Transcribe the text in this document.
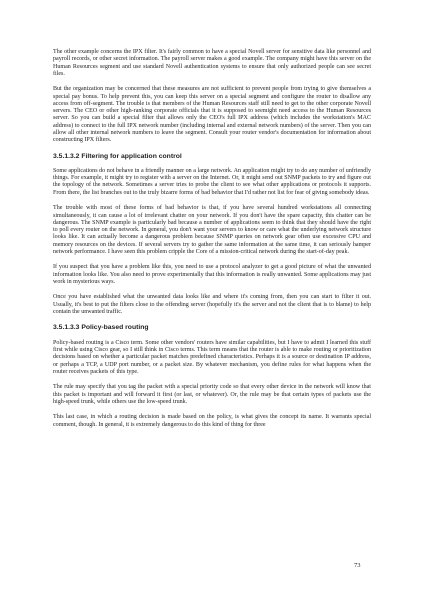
The other example concerns the IPX filter. It's fairly common to have a special Novell server for sensitive data like personnel and payroll records, or other secret information. The payroll server makes a good example. The company might have this server on the Human Resources segment and use standard Novell authentication systems to ensure that only authorized people can see secret files.

But the organization may be concerned that these measures are not sufficient to prevent people from trying to give themselves a special pay bonus. To help prevent this, you can keep this server on a special segment and configure the router to disallow any access from off-segment. The trouble is that members of the Human Resources staff still need to get to the other corporate Novell servers. The CEO or other high-ranking corporate officials that it is supposed to seemight need access to the Human Resources server. So you can build a special filter that allows only the CEO's full IPX address (which includes the workstation's MAC address) to connect to the full IPX network number (including internal and external network numbers) of the server. Then you can allow all other internal network numbers to leave the segment. Consult your router vendor's documentation for information about constructing IPX filters.

3.5.1.3.2 Filtering for application control

Some applications do not behave in a friendly manner on a large network. An application might try to do any number of unfriendly things. For example, it might try to register with a server on the Internet. Or, it might send out SNMP packets to try and figure out the topology of the network. Sometimes a server tries to probe the client to see what other applications or protocols it supports. From there, the list branches out to the truly bizarre forms of bad behavior that I'd rather not list for fear of giving somebody ideas.

The trouble with most of these forms of bad behavior is that, if you have several hundred workstations all connecting simultaneously, it can cause a lot of irrelevant chatter on your network. If you don't have the spare capacity, this chatter can be dangerous. The SNMP example is particularly bad because a number of applications seem to think that they should have the right to poll every router on the network. In general, you don't want your servers to know or care what the underlying network structure looks like. It can actually become a dangerous problem because SNMP queries on network gear often use excessive CPU and memory resources on the devices. If several servers try to gather the same information at the same time, it can seriously hamper network performance. I have seen this problem cripple the Core of a mission-critical network during the start-of-day peak.

If you suspect that you have a problem like this, you need to use a protocol analyzer to get a good picture of what the unwanted information looks like. You also need to prove experimentally that this information is really unwanted. Some applications may just work in mysterious ways.

Once you have established what the unwanted data looks like and where it's coming from, then you can start to filter it out. Usually, it's best to put the filters close to the offending server (hopefully it's the server and not the client that is to blame) to help contain the unwanted traffic.

3.5.1.3.3 Policy-based routing

Policy-based routing is a Cisco term. Some other vendors' routers have similar capabilities, but I have to admit I learned this stuff first while using Cisco gear, so I still think in Cisco terms. This term means that the router is able to make routing or prioritization decisions based on whether a particular packet matches predefined characteristics. Perhaps it is a source or destination IP address, or perhaps a TCP, a UDP port number, or a packet size. By whatever mechanism, you define rules for what happens when the router receives packets of this type.

The rule may specify that you tag the packet with a special priority code so that every other device in the network will know that this packet is important and will forward it first (or last, or whatever). Or, the rule may be that certain types of packets use the high-speed trunk, while others use the low-speed trunk.

This last case, in which a routing decision is made based on the policy, is what gives the concept its name. It warrants special comment, though. In general, it is extremely dangerous to do this kind of thing for three

73
